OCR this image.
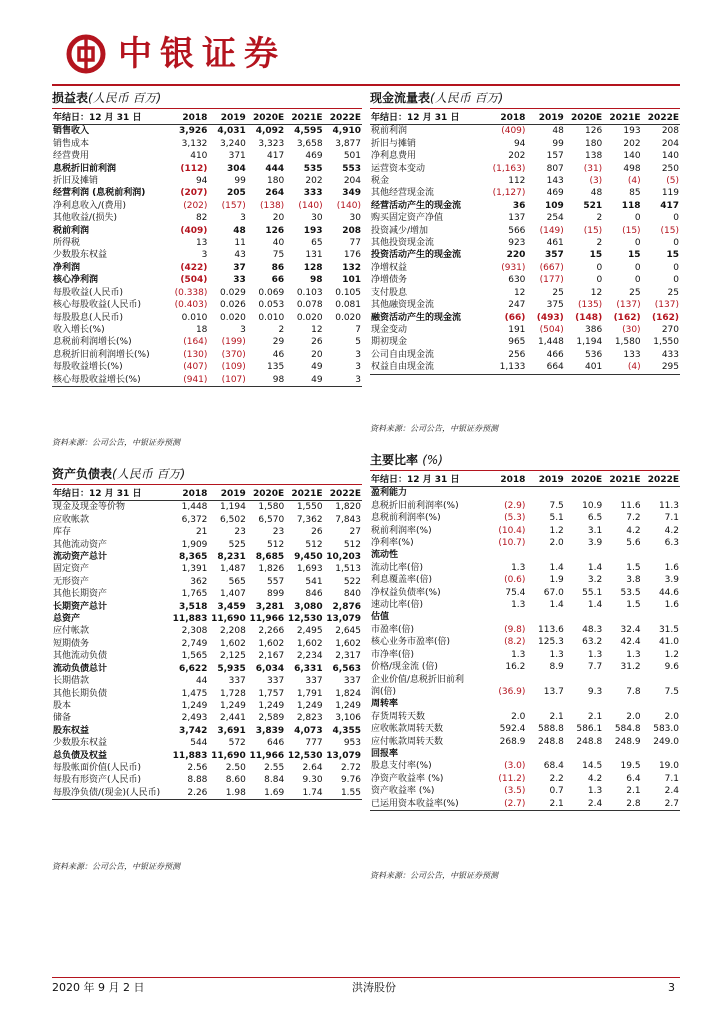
中银证券
损益表(人民币 百万)
年结日：12 月 31 日	2018	2019	2020E	2021E	2022E
销售收入	3,926	4,031	4,092	4,595	4,910
销售成本	3,132	3,240	3,323	3,658	3,877
经营费用	410	371	417	469	501
息税折旧前利润	(112)	304	444	535	553
折旧及摊销	94	99	180	202	204
经营利润 (息税前利润)	(207)	205	264	333	349
净利息收入/(费用)	(202)	(157)	(138)	(140)	(140)
其他收益/(损失)	82	3	20	30	30
税前利润	(409)	48	126	193	208
所得税	13	11	40	65	77
少数股东权益	3	43	75	131	176
净利润	(422)	37	86	128	132
核心净利润	(504)	33	66	98	101
每股收益(人民币)	(0.338)	0.029	0.069	0.103	0.105
核心每股收益(人民币)	(0.403)	0.026	0.053	0.078	0.081
每股股息(人民币)	0.010	0.020	0.010	0.020	0.020
收入增长(%)	18	3	2	12	7
息税前利润增长(%)	(164)	(199)	29	26	5
息税折旧前利润增长(%)	(130)	(370)	46	20	3
每股收益增长(%)	(407)	(109)	135	49	3
核心每股收益增长(%)	(941)	(107)	98	49	3
资料来源：公司公告，中银证券预测
资产负债表(人民币 百万)
年结日：12 月 31 日	2018	2019	2020E	2021E	2022E
现金及现金等价物	1,448	1,194	1,580	1,550	1,820
应收帐款	6,372	6,502	6,570	7,362	7,843
库存	21	23	23	26	27
其他流动资产	1,909	525	512	512	512
流动资产总计	8,365	8,231	8,685	9,450	10,203
固定资产	1,391	1,487	1,826	1,693	1,513
无形资产	362	565	557	541	522
其他长期资产	1,765	1,407	899	846	840
长期资产总计	3,518	3,459	3,281	3,080	2,876
总资产	11,883	11,690	11,966	12,530	13,079
应付帐款	2,308	2,208	2,266	2,495	2,645
短期债务	2,749	1,602	1,602	1,602	1,602
其他流动负债	1,565	2,125	2,167	2,234	2,317
流动负债总计	6,622	5,935	6,034	6,331	6,563
长期借款	44	337	337	337	337
其他长期负债	1,475	1,728	1,757	1,791	1,824
股本	1,249	1,249	1,249	1,249	1,249
储备	2,493	2,441	2,589	2,823	3,106
股东权益	3,742	3,691	3,839	4,073	4,355
少数股东权益	544	572	646	777	953
总负债及权益	11,883	11,690	11,966	12,530	13,079
每股帐面价值(人民币)	2.56	2.50	2.55	2.64	2.72
每股有形资产(人民币)	8.88	8.60	8.84	9.30	9.76
每股净负债/(现金)(人民币)	2.26	1.98	1.69	1.74	1.55
资料来源：公司公告，中银证券预测
现金流量表(人民币 百万)
年结日：12 月 31 日	2018	2019	2020E	2021E	2022E
税前利润	(409)	48	126	193	208
折旧与摊销	94	99	180	202	204
净利息费用	202	157	138	140	140
运营资本变动	(1,163)	807	(31)	498	250
税金	112	143	(3)	(4)	(5)
其他经营现金流	(1,127)	469	48	85	119
经营活动产生的现金流	36	109	521	118	417
购买固定资产净值	137	254	2	0	0
投资减少/增加	566	(149)	(15)	(15)	(15)
其他投资现金流	923	461	2	0	0
投资活动产生的现金流	220	357	15	15	15
净增权益	(931)	(667)	0	0	0
净增债务	630	(177)	0	0	0
支付股息	12	25	12	25	25
其他融资现金流	247	375	(135)	(137)	(137)
融资活动产生的现金流	(66)	(493)	(148)	(162)	(162)
现金变动	191	(504)	386	(30)	270
期初现金	965	1,448	1,194	1,580	1,550
公司自由现金流	256	466	536	133	433
权益自由现金流	1,133	664	401	(4)	295
资料来源：公司公告，中银证券预测
主要比率 (%)
年结日：12 月 31 日	2018	2019	2020E	2021E	2022E
盈利能力					
息税折旧前利润率(%)	(2.9)	7.5	10.9	11.6	11.3
息税前利润率(%)	(5.3)	5.1	6.5	7.2	7.1
税前利润率(%)	(10.4)	1.2	3.1	4.2	4.2
净利率(%)	(10.7)	2.0	3.9	5.6	6.3
流动性					
流动比率(倍)	1.3	1.4	1.4	1.5	1.6
利息覆盖率(倍)	(0.6)	1.9	3.2	3.8	3.9
净权益负债率(%)	75.4	67.0	55.1	53.5	44.6
速动比率(倍)	1.3	1.4	1.4	1.5	1.6
估值					
市盈率(倍)	(9.8)	113.6	48.3	32.4	31.5
核心业务市盈率(倍)	(8.2)	125.3	63.2	42.4	41.0
市净率(倍)	1.3	1.3	1.3	1.3	1.2
价格/现金流 (倍)	16.2	8.9	7.7	31.2	9.6
企业价值/息税折旧前利					
润(倍)	(36.9)	13.7	9.3	7.8	7.5
周转率					
存货周转天数	2.0	2.1	2.1	2.0	2.0
应收帐款周转天数	592.4	588.8	586.1	584.8	583.0
应付帐款周转天数	268.9	248.8	248.8	248.9	249.0
回报率					
股息支付率(%)	(3.0)	68.4	14.5	19.5	19.0
净资产收益率 (%)	(11.2)	2.2	4.2	6.4	7.1
资产收益率 (%)	(3.5)	0.7	1.3	2.1	2.4
已运用资本收益率(%)	(2.7)	2.1	2.4	2.8	2.7
资料来源：公司公告，中银证券预测
2020 年 9 月 2 日	洪涛股份	3
